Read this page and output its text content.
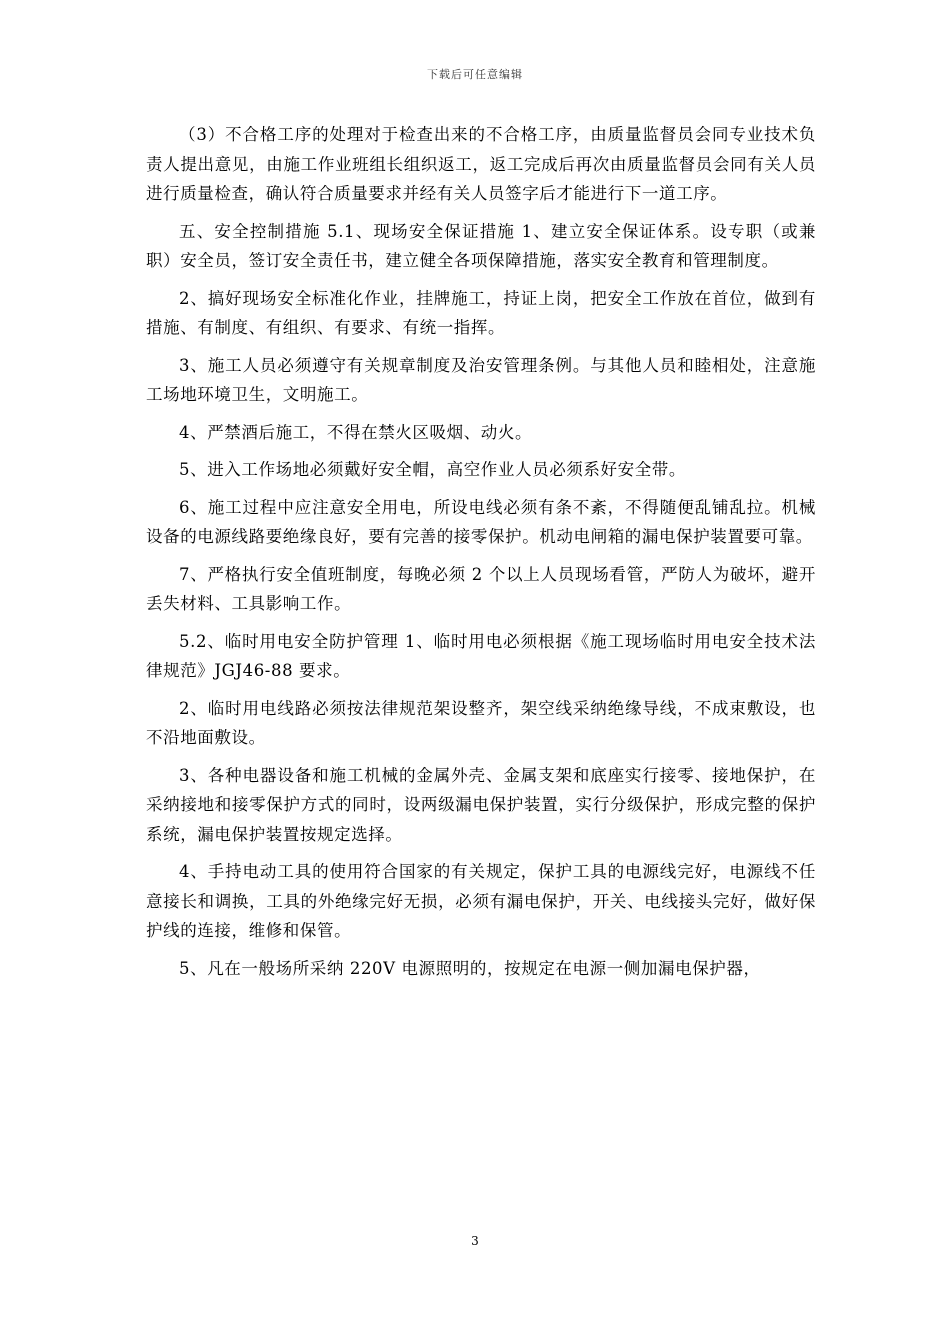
下载后可任意编辑

（3）不合格工序的处理对于检查出来的不合格工序，由质量监督员会同专业技术负责人提出意见，由施工作业班组长组织返工，返工完成后再次由质量监督员会同有关人员进行质量检查，确认符合质量要求并经有关人员签字后才能进行下一道工序。

五、安全控制措施 5.1、现场安全保证措施 1、建立安全保证体系。设专职（或兼职）安全员，签订安全责任书，建立健全各项保障措施，落实安全教育和管理制度。

2、搞好现场安全标准化作业，挂牌施工，持证上岗，把安全工作放在首位，做到有措施、有制度、有组织、有要求、有统一指挥。

3、施工人员必须遵守有关规章制度及治安管理条例。与其他人员和睦相处，注意施工场地环境卫生，文明施工。

4、严禁酒后施工，不得在禁火区吸烟、动火。

5、进入工作场地必须戴好安全帽，高空作业人员必须系好安全带。

6、施工过程中应注意安全用电，所设电线必须有条不紊，不得随便乱铺乱拉。机械设备的电源线路要绝缘良好，要有完善的接零保护。机动电闸箱的漏电保护装置要可靠。

7、严格执行安全值班制度，每晚必须 2 个以上人员现场看管，严防人为破坏，避开丢失材料、工具影响工作。

5.2、临时用电安全防护管理 1、临时用电必须根据《施工现场临时用电安全技术法律规范》JGJ46-88 要求。

2、临时用电线路必须按法律规范架设整齐，架空线采纳绝缘导线，不成束敷设，也不沿地面敷设。

3、各种电器设备和施工机械的金属外壳、金属支架和底座实行接零、接地保护，在采纳接地和接零保护方式的同时，设两级漏电保护装置，实行分级保护，形成完整的保护系统，漏电保护装置按规定选择。

4、手持电动工具的使用符合国家的有关规定，保护工具的电源线完好，电源线不任意接长和调换，工具的外绝缘完好无损，必须有漏电保护，开关、电线接头完好，做好保护线的连接，维修和保管。

5、凡在一般场所采纳 220V 电源照明的，按规定在电源一侧加漏电保护器，

3
